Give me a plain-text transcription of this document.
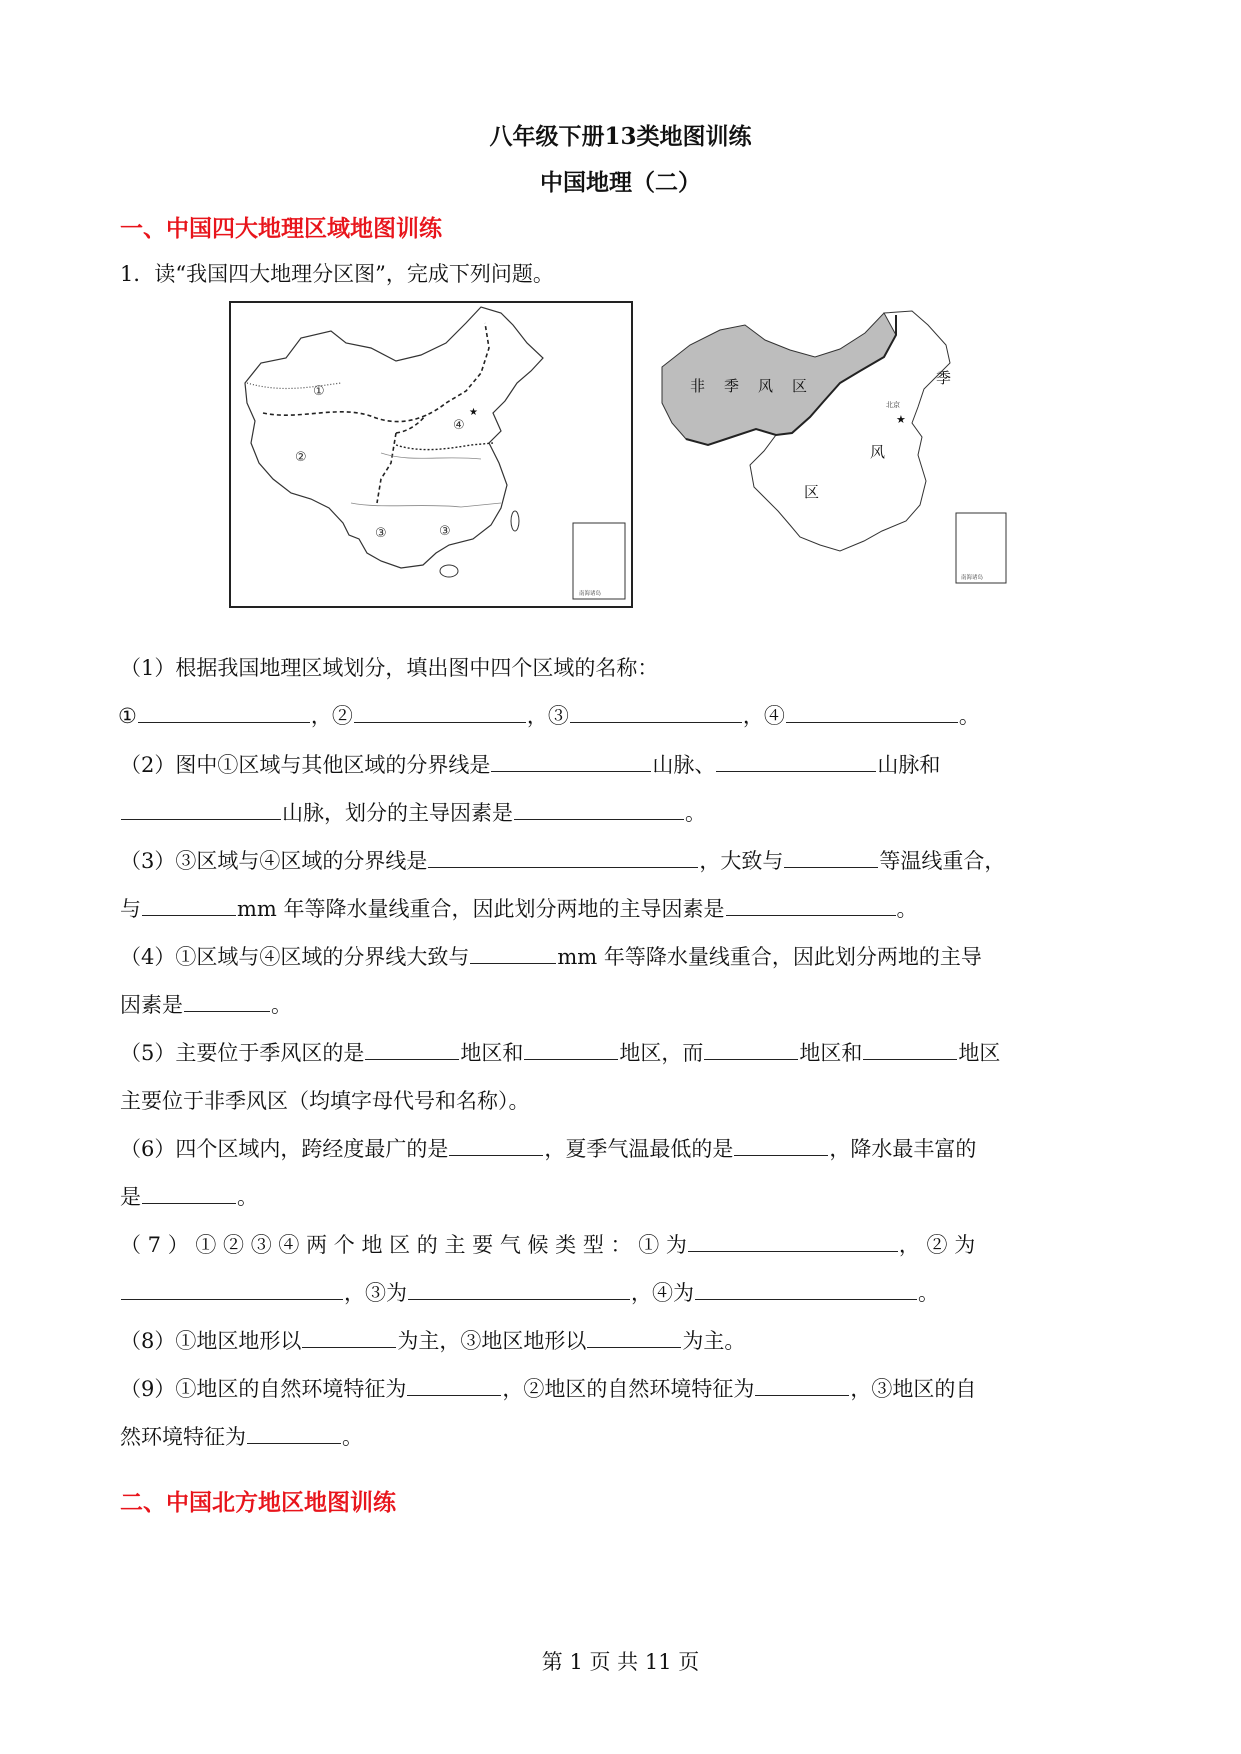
八年级下册13类地图训练
中国地理（二）
一、中国四大地理区域地图训练
1．读“我国四大地理分区图”，完成下列问题。
①
②
③	③
④
★
南海诸岛
非 季 风 区	季
风
区
北京
★
南海诸岛
（1）根据我国地理区域划分，填出图中四个区域的名称：
①	，②	，③	，④	。
（2）图中①区域与其他区域的分界线是	山脉、	山脉和
山脉，划分的主导因素是	。
（3）③区域与④区域的分界线是	，大致与	等温线重合，
与	mm 年等降水量线重合，因此划分两地的主导因素是	。
（4）①区域与④区域的分界线大致与	mm 年等降水量线重合，因此划分两地的主导
因素是	。
（5）主要位于季风区的是	地区和	地区，而	地区和	地区
主要位于非季风区（均填字母代号和名称）。
（6）四个区域内，跨经度最广的是	，夏季气温最低的是	，降水最丰富的
是	。
（ 7 ） ① ② ③ ④ 两 个 地 区 的 主 要 气 候 类 型 ： ① 为	， ② 为
，③为	，④为	。
（8）①地区地形以	为主，③地区地形以	为主。
（9）①地区的自然环境特征为	，②地区的自然环境特征为	，③地区的自
然环境特征为	。
二、中国北方地区地图训练
第 1 页 共 11 页
